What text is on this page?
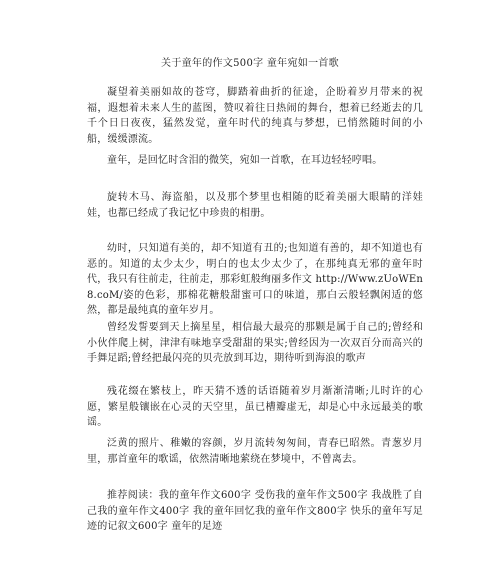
关于童年的作文500字 童年宛如一首歌

凝望着美丽如故的苍穹，脚踏着曲折的征途，企盼着岁月带来的祝福，遐想着未来人生的蓝图，赞叹着往日热闹的舞台，想着已经逝去的几千个日日夜夜，猛然发觉，童年时代的纯真与梦想，已悄然随时间的小船，缓缓漂流。

童年，是回忆时含泪的微笑，宛如一首歌，在耳边轻轻哼唱。

旋转木马、海盗船，以及那个梦里也相随的眨着美丽大眼睛的洋娃娃，也都已经成了我记忆中珍贵的相册。

幼时，只知道有美的，却不知道有丑的;也知道有善的，却不知道也有恶的。知道的太少太少，明白的也太少太少了，在那纯真无邪的童年时代，我只有往前走，往前走，那彩虹般绚丽多作文 http://Www.zUoWEn8.coM/姿的色彩，那棉花糖般甜蜜可口的味道，那白云般轻飘闲适的悠然，都是最纯真的童年岁月。

曾经发誓要到天上摘星星，相信最大最亮的那颗是属于自己的;曾经和小伙伴爬上树，津津有味地享受甜甜的果实;曾经因为一次双百分而高兴的手舞足蹈;曾经把最闪亮的贝壳放到耳边，期待听到海浪的歌声

残花缀在繁枝上，昨天猜不透的话语随着岁月渐渐清晰;儿时许的心愿，繁星般镶嵌在心灵的天空里，虽已槽瓣虚无，却是心中永远最美的歌谣。

泛黄的照片、稚嫩的容颜，岁月流转匆匆间，青春已昭然。青葱岁月里，那首童年的歌谣，依然清晰地萦绕在梦境中，不曾离去。

推荐阅读：我的童年作文600字 受伤我的童年作文500字 我战胜了自己我的童年作文400字 我的童年回忆我的童年作文800字 快乐的童年写足迹的记叙文600字 童年的足迹
